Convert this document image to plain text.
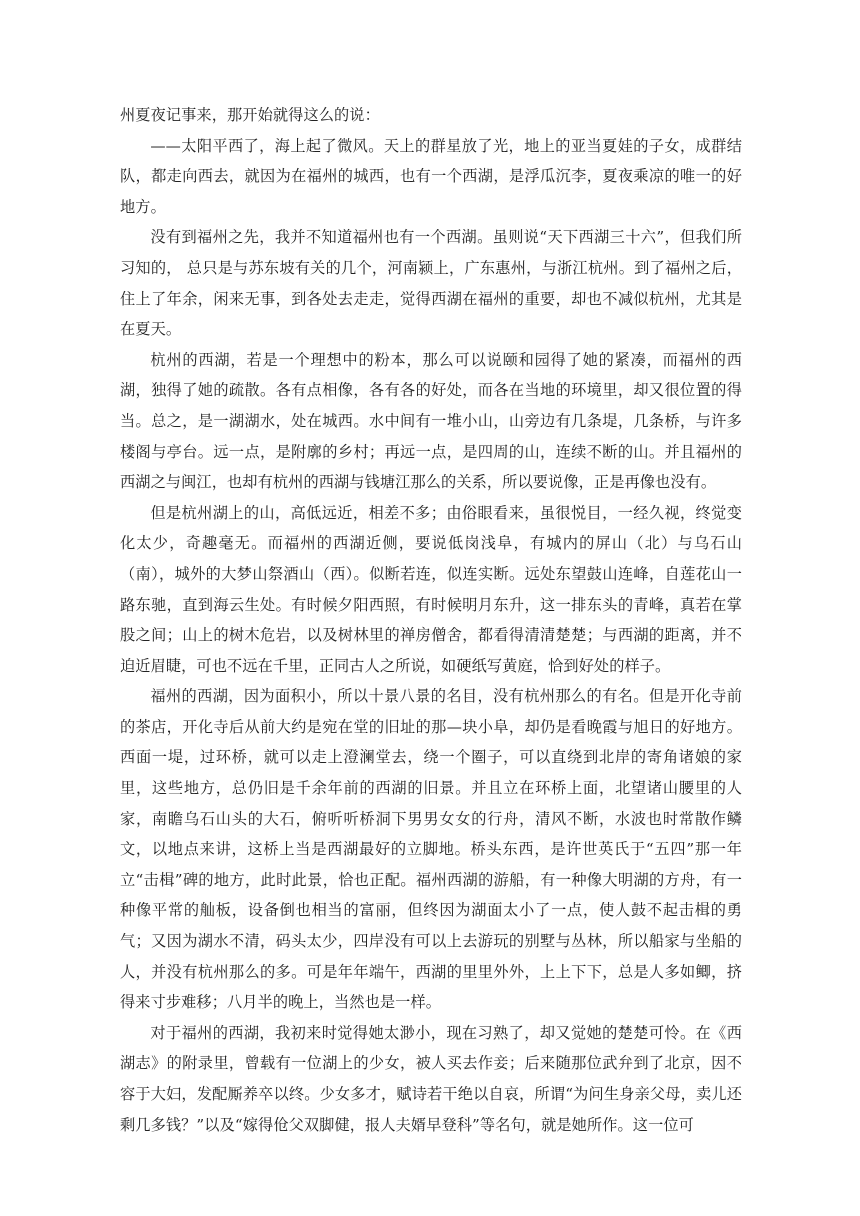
州夏夜记事来，那开始就得这么的说：

——太阳平西了，海上起了微风。天上的群星放了光，地上的亚当夏娃的子女，成群结队，都走向西去，就因为在福州的城西，也有一个西湖，是浮瓜沉李，夏夜乘凉的唯一的好地方。

没有到福州之先，我并不知道福州也有一个西湖。虽则说“天下西湖三十六”，但我们所习知的， 总只是与苏东坡有关的几个，河南颍上，广东惠州，与浙江杭州。到了福州之后，住上了年余，闲来无事，到各处去走走，觉得西湖在福州的重要，却也不减似杭州，尤其是在夏天。

杭州的西湖，若是一个理想中的粉本，那么可以说颐和园得了她的紧凑，而福州的西湖，独得了她的疏散。各有点相像，各有各的好处，而各在当地的环境里，却又很位置的得当。总之，是一湖湖水，处在城西。水中间有一堆小山，山旁边有几条堤，几条桥，与许多楼阁与亭台。远一点，是附廓的乡村；再远一点，是四周的山，连续不断的山。并且福州的西湖之与闽江，也却有杭州的西湖与钱塘江那么的关系，所以要说像，正是再像也没有。

但是杭州湖上的山，高低远近，相差不多；由俗眼看来，虽很悦目，一经久视，终觉变化太少，奇趣毫无。而福州的西湖近侧，要说低岗浅阜，有城内的屏山（北）与乌石山（南），城外的大梦山祭酒山（西）。似断若连，似连实断。远处东望鼓山连峰，自莲花山一路东驰，直到海云生处。有时候夕阳西照，有时候明月东升，这一排东头的青峰，真若在掌股之间；山上的树木危岩，以及树林里的禅房僧舍，都看得清清楚楚；与西湖的距离，并不迫近眉睫，可也不远在千里，正同古人之所说，如硬纸写黄庭，恰到好处的样子。

福州的西湖，因为面积小，所以十景八景的名目，没有杭州那么的有名。但是开化寺前的茶店，开化寺后从前大约是宛在堂的旧址的那—块小阜，却仍是看晚霞与旭日的好地方。西面一堤，过环桥，就可以走上澄澜堂去，绕一个圈子，可以直绕到北岸的寄角诸娘的家里，这些地方，总仍旧是千余年前的西湖的旧景。并且立在环桥上面，北望诸山腰里的人家，南瞻乌石山头的大石，俯听听桥洞下男男女女的行舟，清风不断，水波也时常散作鳞文，以地点来讲，这桥上当是西湖最好的立脚地。桥头东西，是许世英氏于“五四”那一年立“击楫”碑的地方，此时此景，恰也正配。福州西湖的游船，有一种像大明湖的方舟，有一种像平常的舢板，设备倒也相当的富丽，但终因为湖面太小了一点，使人鼓不起击楫的勇气；又因为湖水不清，码头太少，四岸没有可以上去游玩的别墅与丛林，所以船家与坐船的人，并没有杭州那么的多。可是年年端午，西湖的里里外外，上上下下，总是人多如鲫，挤得来寸步难移；八月半的晚上，当然也是一样。

对于福州的西湖，我初来时觉得她太渺小，现在习熟了，却又觉她的楚楚可怜。在《西湖志》的附录里，曾载有一位湖上的少女，被人买去作妾；后来随那位武弁到了北京，因不容于大妇，发配厮养卒以终。少女多才，赋诗若干绝以自哀，所谓“为问生身亲父母，卖儿还剩几多钱？”以及“嫁得伧父双脚健，报人夫婿早登科”等名句，就是她所作。这一位可
